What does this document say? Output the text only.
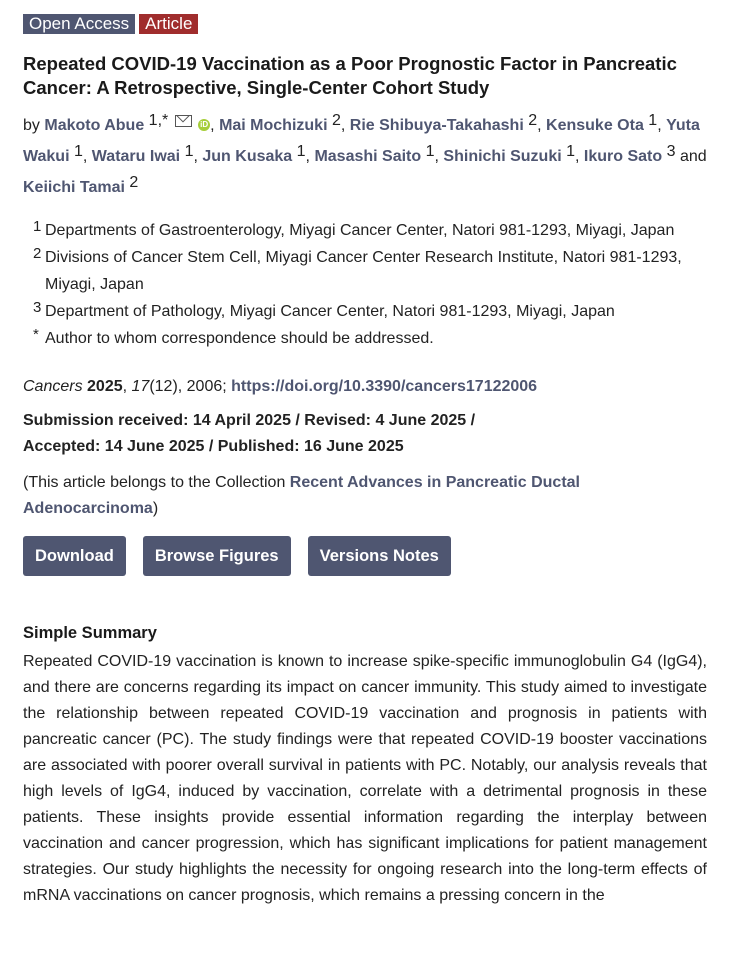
Open Access Article
Repeated COVID-19 Vaccination as a Poor Prognostic Factor in Pancreatic Cancer: A Retrospective, Single-Center Cohort Study
by Makoto Abue 1,*	iD , Mai Mochizuki 2, Rie Shibuya-Takahashi 2, Kensuke Ota 1, Yuta Wakui 1, Wataru Iwai 1, Jun Kusaka 1, Masashi Saito 1, Shinichi Suzuki 1, Ikuro Sato 3 and Keiichi Tamai 2
1 Departments of Gastroenterology, Miyagi Cancer Center, Natori 981-1293, Miyagi, Japan
2 Divisions of Cancer Stem Cell, Miyagi Cancer Center Research Institute, Natori 981-1293, Miyagi, Japan
3 Department of Pathology, Miyagi Cancer Center, Natori 981-1293, Miyagi, Japan
* Author to whom correspondence should be addressed.
Cancers 2025, 17(12), 2006; https://doi.org/10.3390/cancers17122006
Submission received: 14 April 2025 / Revised: 4 June 2025 /
Accepted: 14 June 2025 / Published: 16 June 2025
(This article belongs to the Collection Recent Advances in Pancreatic Ductal Adenocarcinoma)
Download	Browse Figures	Versions Notes
Simple Summary
Repeated COVID-19 vaccination is known to increase spike-specific immunoglobulin G4 (IgG4), and there are concerns regarding its impact on cancer immunity. This study aimed to investigate the relationship between repeated COVID-19 vaccination and prognosis in patients with pancreatic cancer (PC). The study findings were that repeated COVID-19 booster vaccinations are associated with poorer overall survival in patients with PC. Notably, our analysis reveals that high levels of IgG4, induced by vaccination, correlate with a detrimental prognosis in these patients. These insights provide essential information regarding the interplay between vaccination and cancer progression, which has significant implications for patient management strategies. Our study highlights the necessity for ongoing research into the long-term effects of mRNA vaccinations on cancer prognosis, which remains a pressing concern in the
